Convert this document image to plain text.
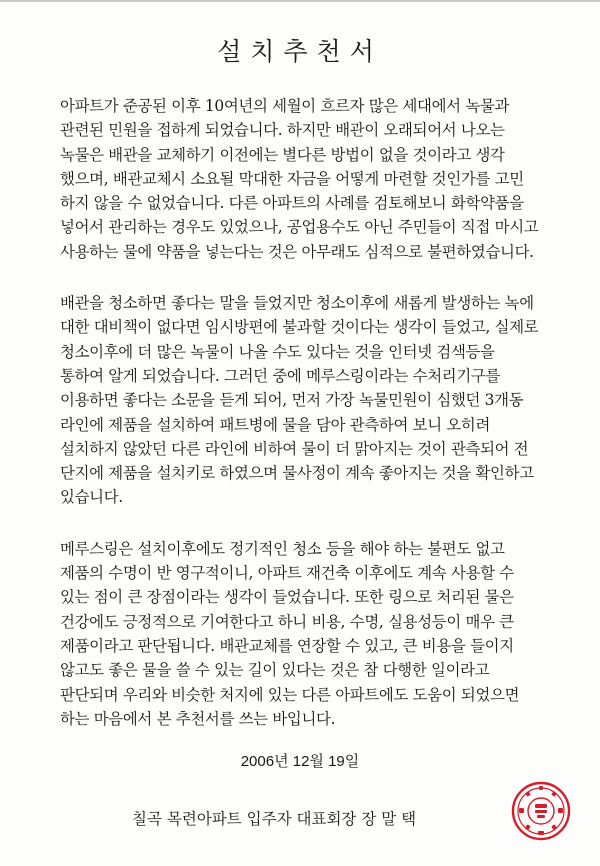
설치추천서
아파트가 준공된 이후 10여년의 세월이 흐르자 많은 세대에서 녹물과
관련된 민원을 접하게 되었습니다. 하지만 배관이 오래되어서 나오는
녹물은 배관을 교체하기 이전에는 별다른 방법이 없을 것이라고 생각
했으며, 배관교체시 소요될 막대한 자금을 어떻게 마련할 것인가를 고민
하지 않을 수 없었습니다. 다른 아파트의 사례를 검토해보니 화학약품을
넣어서 관리하는 경우도 있었으나, 공업용수도 아닌 주민들이 직접 마시고
사용하는 물에 약품을 넣는다는 것은 아무래도 심적으로 불편하였습니다.
배관을 청소하면 좋다는 말을 들었지만 청소이후에 새롭게 발생하는 녹에
대한 대비책이 없다면 임시방편에 불과할 것이다는 생각이 들었고, 실제로
청소이후에 더 많은 녹물이 나올 수도 있다는 것을 인터넷 검색등을
통하여 알게 되었습니다. 그러던 중에 메루스링이라는 수처리기구를
이용하면 좋다는 소문을 듣게 되어, 먼저 가장 녹물민원이 심했던 3개동
라인에 제품을 설치하여 패트병에 물을 담아 관측하여 보니 오히려
설치하지 않았던 다른 라인에 비하여 물이 더 맑아지는 것이 관측되어 전
단지에 제품을 설치키로 하였으며 물사정이 계속 좋아지는 것을 확인하고
있습니다.
메루스링은 설치이후에도 정기적인 청소 등을 해야 하는 불편도 없고
제품의 수명이 반 영구적이니, 아파트 재건축 이후에도 계속 사용할 수
있는 점이 큰 장점이라는 생각이 들었습니다. 또한 링으로 처리된 물은
건강에도 긍정적으로 기여한다고 하니 비용, 수명, 실용성등이 매우 큰
제품이라고 판단됩니다. 배관교체를 연장할 수 있고, 큰 비용을 들이지
않고도 좋은 물을 쓸 수 있는 길이 있다는 것은 참 다행한 일이라고
판단되며 우리와 비슷한 처지에 있는 다른 아파트에도 도움이 되었으면
하는 마음에서 본 추천서를 쓰는 바입니다.
2006년 12월 19일
칠곡 목련아파트 입주자 대표회장 장 말 택
